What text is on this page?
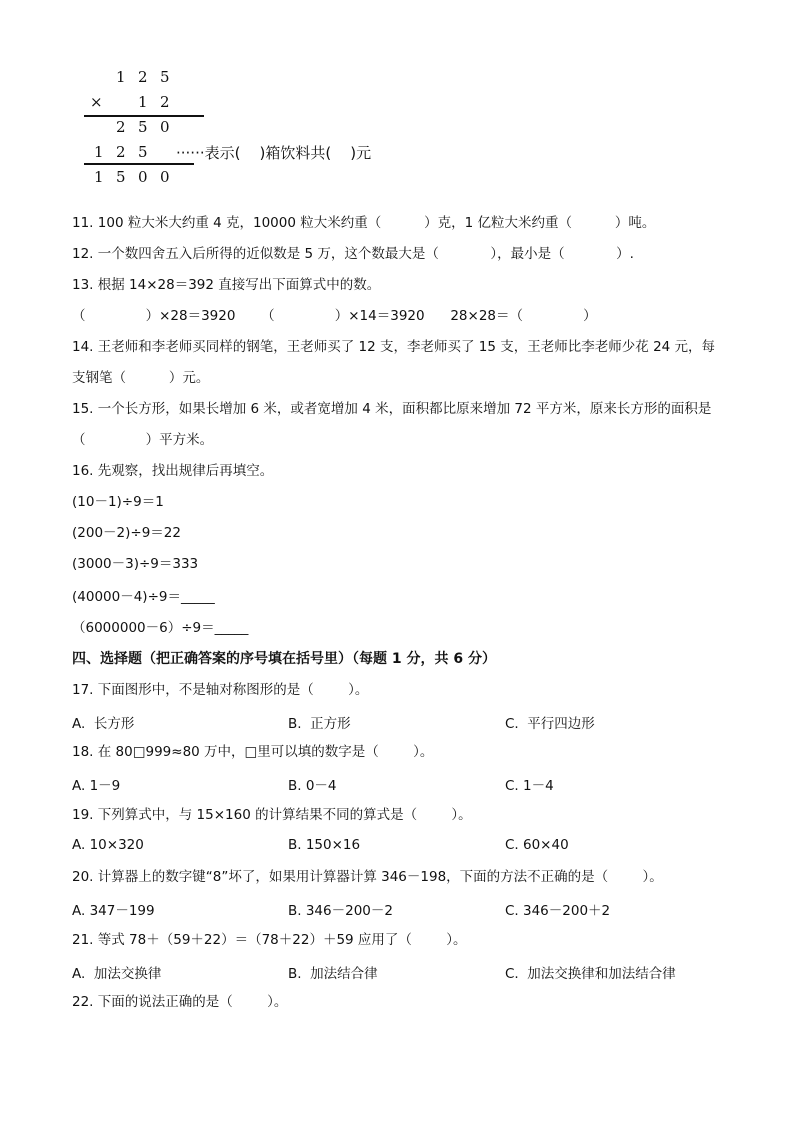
1 2 5
× 1 2
2 5 0
1 2 5
1 5 0 0
······表示(    )箱饮料共(    )元
11. 100 粒大米大约重 4 克，10000 粒大米约重（          ）克，1 亿粒大米约重（          ）吨。
12. 一个数四舍五入后所得的近似数是 5 万，这个数最大是（            ），最小是（            ）.
13. 根据 14×28＝392 直接写出下面算式中的数。
（              ）×28＝3920      （              ）×14＝3920      28×28＝（              ）
14. 王老师和李老师买同样的钢笔，王老师买了 12 支，李老师买了 15 支，王老师比李老师少花 24 元，每
支钢笔（          ）元。
15. 一个长方形，如果长增加 6 米，或者宽增加 4 米，面积都比原来增加 72 平方米，原来长方形的面积是
（              ）平方米。
16. 先观察，找出规律后再填空。
(10－1)÷9＝1
(200－2)÷9＝22
(3000－3)÷9＝333
(40000－4)÷9＝_____
（6000000－6）÷9＝_____
四、选择题（把正确答案的序号填在括号里）（每题 1 分，共 6 分）
17. 下面图形中，不是轴对称图形的是（        ）。
A.  长方形	B.  正方形	C.  平行四边形
18. 在 80□999≈80 万中，□里可以填的数字是（        ）。
A. 1－9	B. 0－4	C. 1－4
19. 下列算式中，与 15×160 的计算结果不同的算式是（        ）。
A. 10×320	B. 150×16	C. 60×40
20. 计算器上的数字键“8”坏了，如果用计算器计算 346－198，下面的方法不正确的是（        ）。
A. 347－199	B. 346－200－2	C. 346－200＋2
21. 等式 78＋（59＋22）＝（78＋22）＋59 应用了（        ）。
A.  加法交换律	B.  加法结合律	C.  加法交换律和加法结合律
22. 下面的说法正确的是（        ）。
